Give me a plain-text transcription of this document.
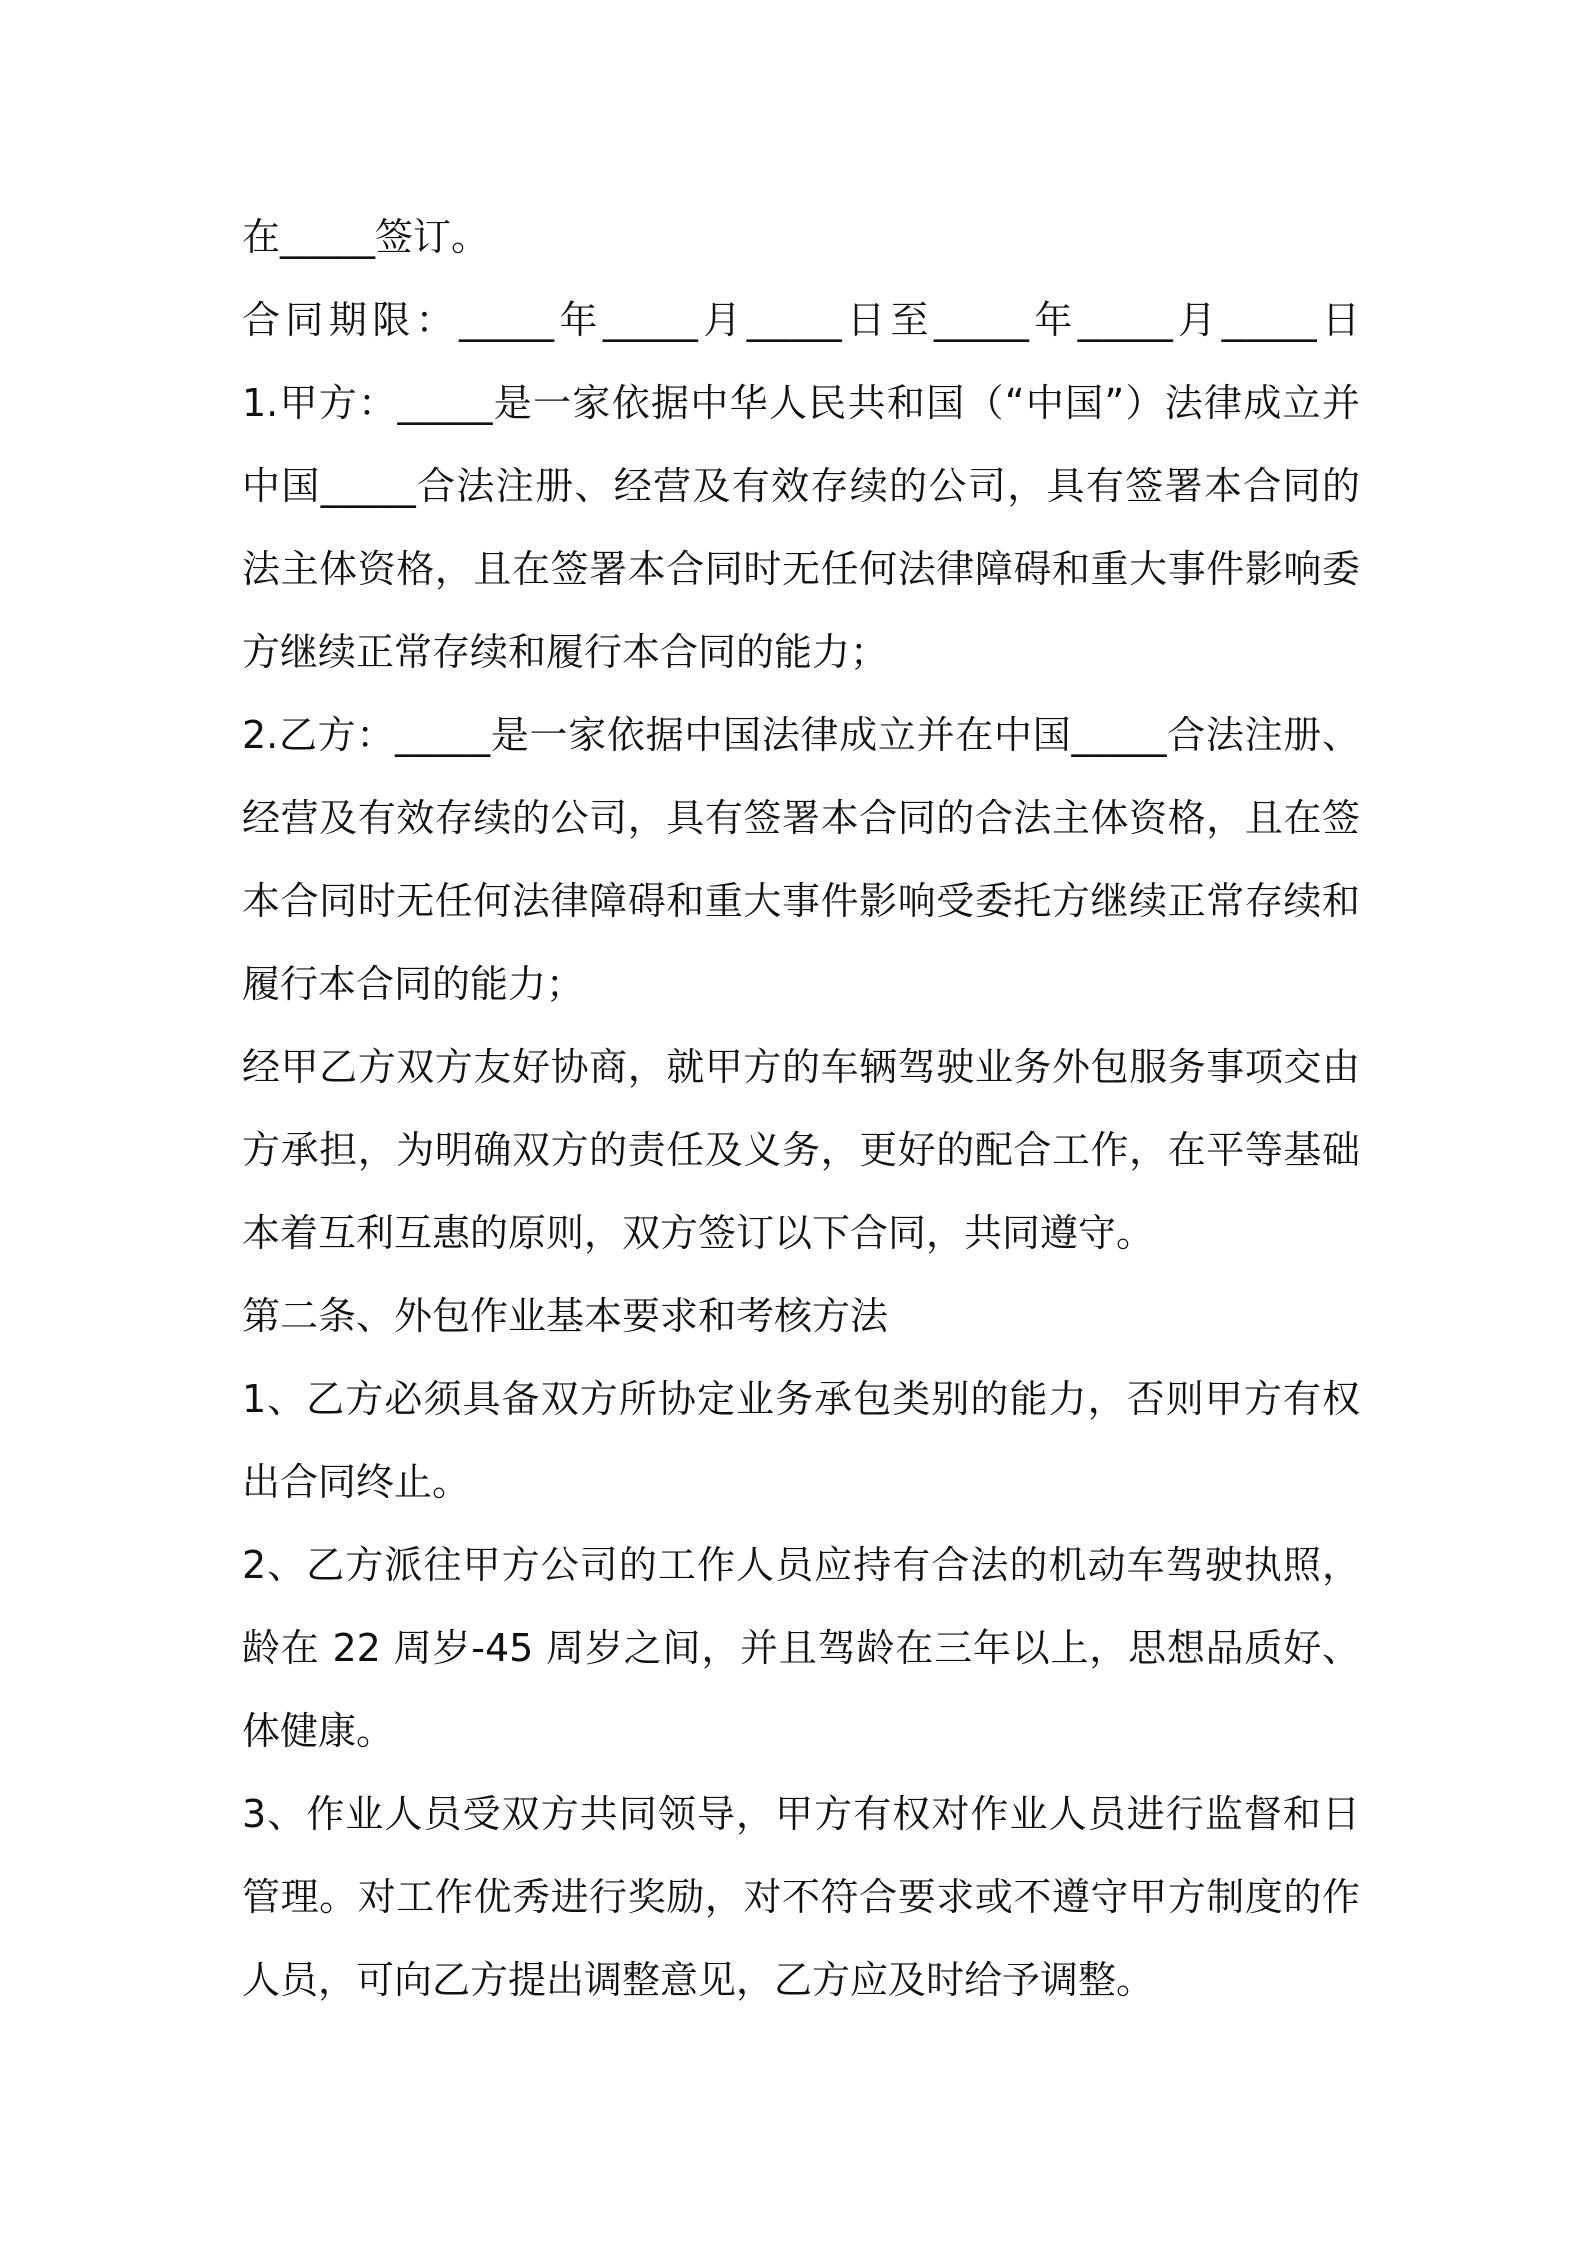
在_____签订。
合同期限：_____年_____月_____日至_____年_____月_____日
1.甲方：_____是一家依据中华人民共和国（“中国”）法律成立并
中国_____合法注册、经营及有效存续的公司，具有签署本合同的
法主体资格，且在签署本合同时无任何法律障碍和重大事件影响委
方继续正常存续和履行本合同的能力；
2.乙方：_____是一家依据中国法律成立并在中国_____合法注册、
经营及有效存续的公司，具有签署本合同的合法主体资格，且在签
本合同时无任何法律障碍和重大事件影响受委托方继续正常存续和
履行本合同的能力；
经甲乙方双方友好协商，就甲方的车辆驾驶业务外包服务事项交由
方承担，为明确双方的责任及义务，更好的配合工作，在平等基础
本着互利互惠的原则，双方签订以下合同，共同遵守。
第二条、外包作业基本要求和考核方法
1、乙方必须具备双方所协定业务承包类别的能力，否则甲方有权
出合同终止。
2、乙方派往甲方公司的工作人员应持有合法的机动车驾驶执照，
龄在 22 周岁-45 周岁之间，并且驾龄在三年以上，思想品质好、
体健康。
3、作业人员受双方共同领导，甲方有权对作业人员进行监督和日
管理。对工作优秀进行奖励，对不符合要求或不遵守甲方制度的作
人员，可向乙方提出调整意见，乙方应及时给予调整。
